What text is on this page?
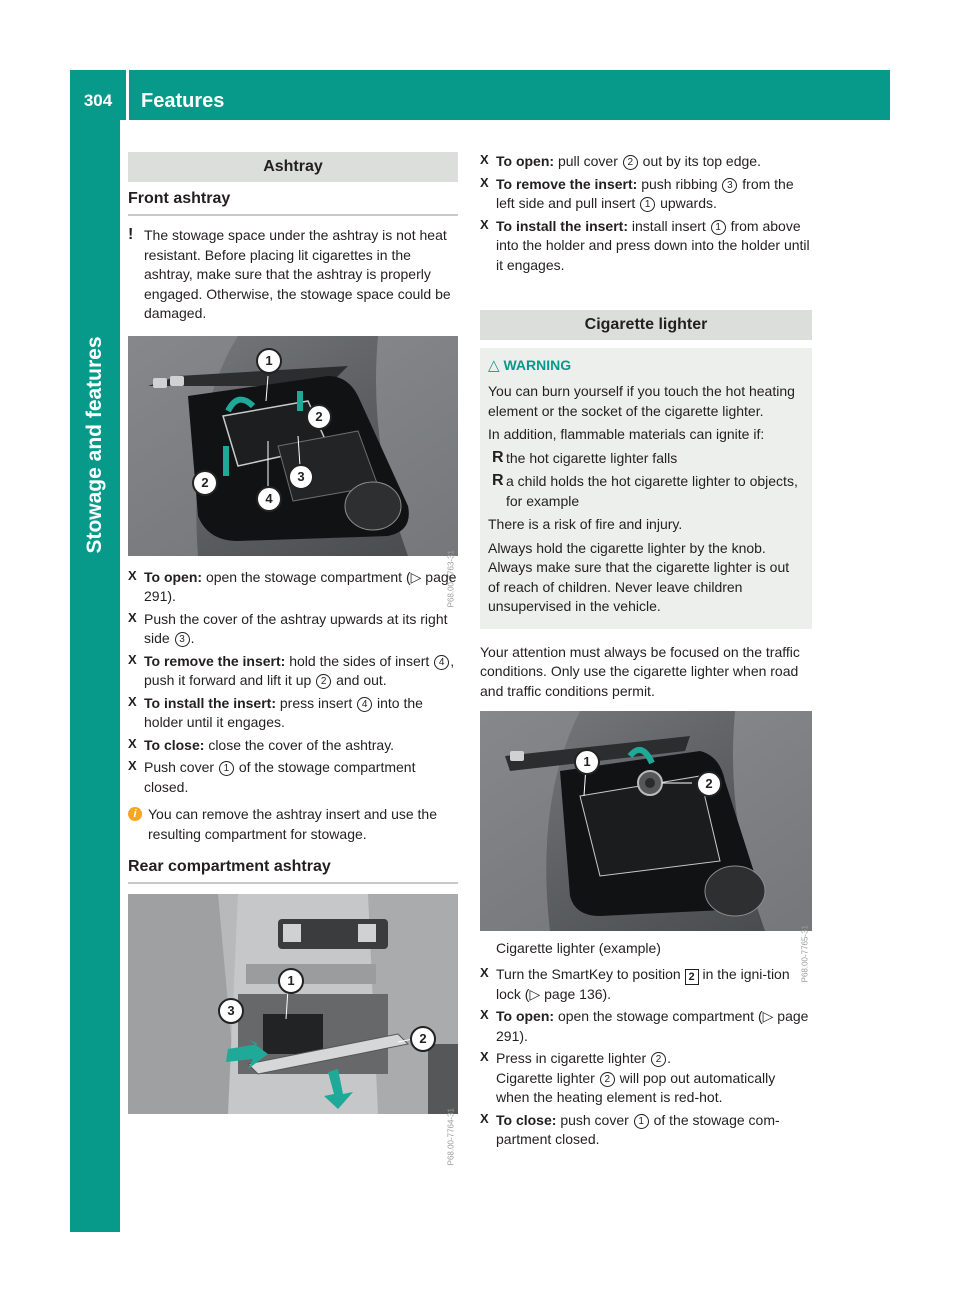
304	Features
Stowage and features
Ashtray
Front ashtray
! The stowage space under the ashtray is not heat resistant. Before placing lit cigarettes in the ashtray, make sure that the ashtray is properly engaged. Otherwise, the stowage space could be damaged.

1
2
2	3
4
P68.00-7763-31
X To open: open the stowage compartment (▷ page 291).

X Push the cover of the ashtray upwards at its right side 3 .

X To remove the insert: hold the sides of insert 4 , push it forward and lift it up 2 and out.

X To install the insert: press insert 4 into the holder until it engages.

X To close: close the cover of the ashtray.

X Push cover 1 of the stowage compartment closed.

i You can remove the ashtray insert and use the resulting compartment for stowage.

Rear compartment ashtray
1
2
3
P68.00-7764-31
X To open: pull cover 2 out by its top edge.

X To remove the insert: push ribbing 3 from the left side and pull insert 1 upwards.

X To install the insert: install insert 1 from above into the holder and press down into the holder until it engages.

Cigarette lighter
△ WARNING

You can burn yourself if you touch the hot heating element or the socket of the cigarette lighter.

In addition, flammable materials can ignite if:

R the hot cigarette lighter falls

R a child holds the hot cigarette lighter to objects, for example

There is a risk of fire and injury.

Always hold the cigarette lighter by the knob. Always make sure that the cigarette lighter is out of reach of children. Never leave children unsupervised in the vehicle.

Your attention must always be focused on the traffic conditions. Only use the cigarette lighter when road and traffic conditions permit.

1
2
P68.00-7765-31
Cigarette lighter (example)
X Turn the SmartKey to position 2 in the igni-tion lock (▷ page 136).

X To open: open the stowage compartment (▷ page 291).

X Press in cigarette lighter 2 .
Cigarette lighter 2 will pop out automatically when the heating element is red-hot.

X To close: push cover 1 of the stowage com-partment closed.
